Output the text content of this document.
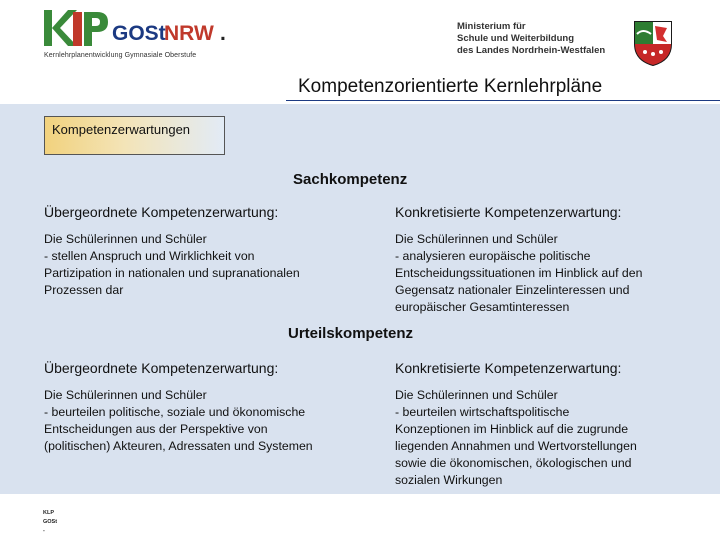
GOSt
NRW .
Kernlehrplanentwicklung Gymnasiale Oberstufe
Ministerium für
Schule und Weiterbildung
des Landes Nordrhein-Westfalen
Kompetenzorientierte Kernlehrpläne
Kompetenzerwartungen
Sachkompetenz
Übergeordnete Kompetenzerwartung:	Konkretisierte Kompetenzerwartung:
Die Schülerinnen und Schüler
- stellen Anspruch und Wirklichkeit von
Partizipation in nationalen und supranationalen
Prozessen dar
Die Schülerinnen und Schüler
- analysieren europäische politische
Entscheidungssituationen im Hinblick auf den
Gegensatz nationaler Einzelinteressen und
europäischer Gesamtinteressen
Urteilskompetenz
Übergeordnete Kompetenzerwartung:	Konkretisierte Kompetenzerwartung:
Die Schülerinnen und Schüler
- beurteilen politische, soziale und ökonomische
Entscheidungen aus der Perspektive von
(politischen) Akteuren, Adressaten und Systemen
Die Schülerinnen und Schüler
- beurteilen wirtschaftspolitische
Konzeptionen im Hinblick auf die zugrunde
liegenden Annahmen und Wertvorstellungen
sowie die ökonomischen, ökologischen und
sozialen Wirkungen
KLP
GOSt
-
